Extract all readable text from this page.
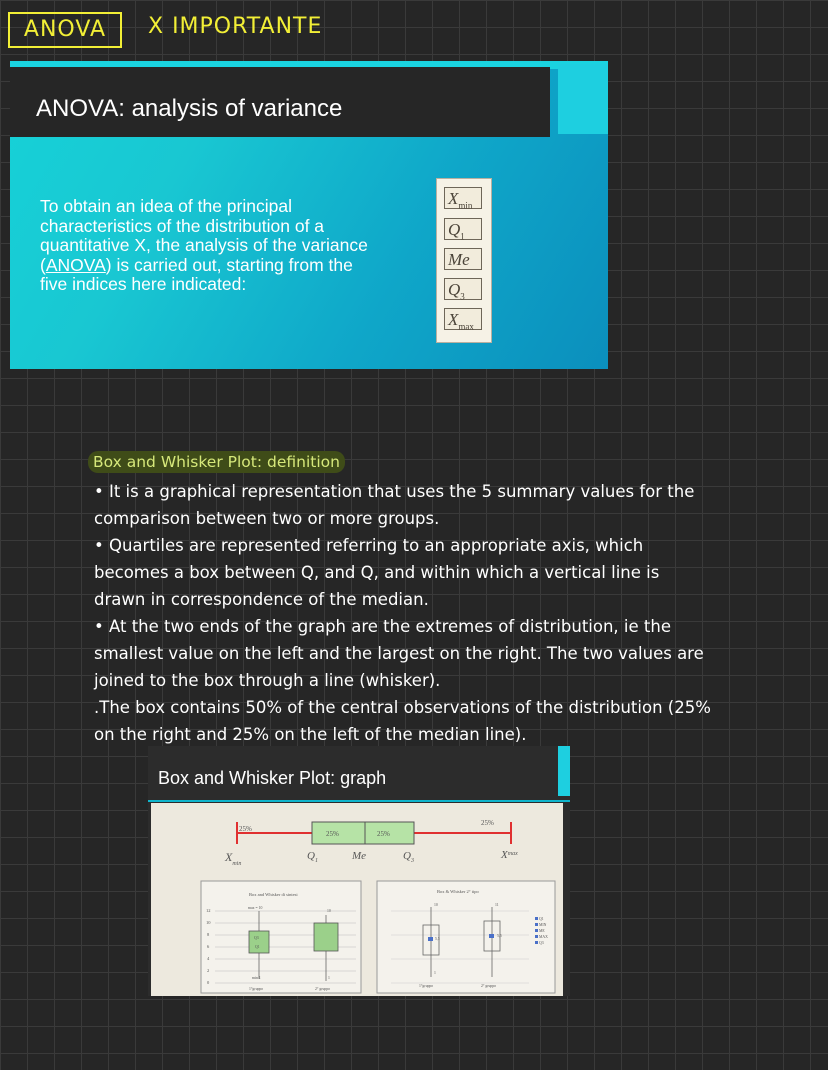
ANOVA	X IMPORTANTE
ANOVA: analysis of variance
To obtain an idea of the principal characteristics of the distribution of a quantitative X, the analysis of the variance (ANOVA) is carried out, starting from the five indices here indicated:
$X_{min}$
$Q_1$
Me
$Q_3$
$X_{max}$
Box and Whisker Plot: definition

• It is a graphical representation that uses the 5 summary values for the comparison between two or more groups.

• Quartiles are represented referring to an appropriate axis, which becomes a box between Q, and Q, and within which a vertical line is drawn in correspondence of the median.

• At the two ends of the graph are the extremes of distribution, ie the smallest value on the left and the largest on the right. The two values are joined to the box through a line (whisker).

.The box contains 50% of the central observations of the distribution (25% on the right and 25% on the left of the median line).

Box and Whisker Plot: graph
25%
25%	25%
25%
$X_{min}$
$Q_1$	Me	$Q_3$	$X^{max}$
Box and Whisker di sintesi
12
10
8
6
4
2
0
max = 10
Q3
Q1
min 1
10
1
1°gruppo	2° gruppo
Box & Whisker 2° tipo
10
5,5
1
11
5,5
1°gruppo	2° gruppo
Q1
MIN
ME
MAX
Q3
